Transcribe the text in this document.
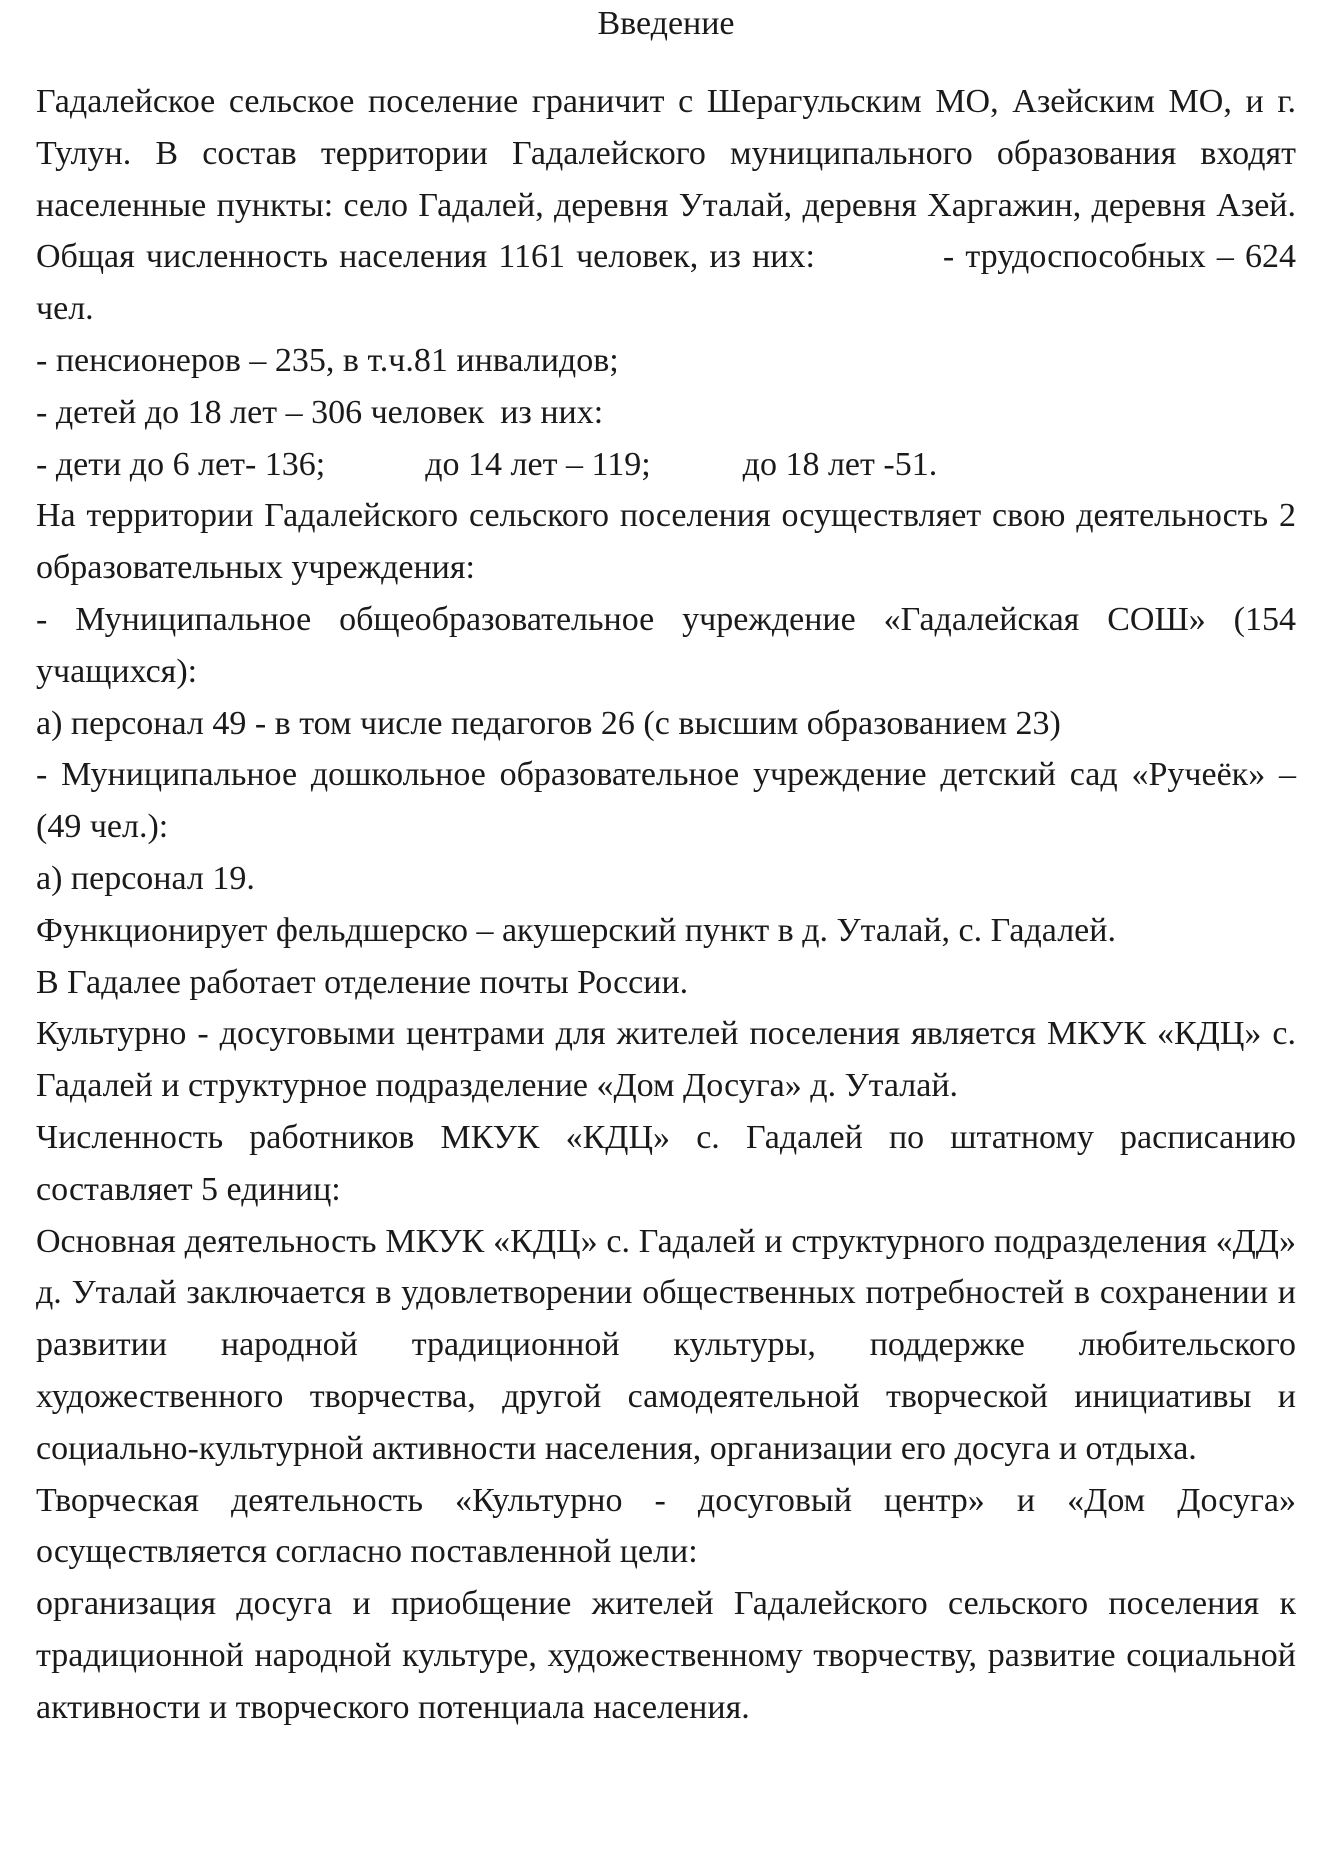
Введение

Гадалейское сельское поселение граничит с Шерагульским МО, Азейским МО, и г. Тулун. В состав территории Гадалейского муниципального образования входят населенные пункты: село Гадалей, деревня Уталай, деревня Харгажин, деревня Азей. Общая численность населения 1161 человек, из них:	- трудоспособных – 624 чел.

- пенсионеров – 235, в т.ч.81 инвалидов;

- детей до 18 лет – 306 человек из них:

- дети до 6 лет- 136;	до 14 лет – 119;	до 18 лет -51.

На территории Гадалейского сельского поселения осуществляет свою деятельность 2 образовательных учреждения:

- Муниципальное общеобразовательное учреждение «Гадалейская СОШ» (154 учащихся):

а) персонал 49 - в том числе педагогов 26 (с высшим образованием 23)

- Муниципальное дошкольное образовательное учреждение детский сад «Ручеёк» – (49 чел.):

а) персонал 19.

Функционирует фельдшерско – акушерский пункт в д. Уталай, с. Гадалей.

В Гадалее работает отделение почты России.

Культурно - досуговыми центрами для жителей поселения является МКУК «КДЦ» с. Гадалей и структурное подразделение «Дом Досуга» д. Уталай.

Численность работников МКУК «КДЦ» с. Гадалей по штатному расписанию составляет 5 единиц:

Основная деятельность МКУК «КДЦ» с. Гадалей и структурного подразделения «ДД» д. Уталай заключается в удовлетворении общественных потребностей в сохранении и развитии народной традиционной культуры, поддержке любительского художественного творчества, другой самодеятельной творческой инициативы и социально-культурной активности населения, организации его досуга и отдыха.

Творческая деятельность «Культурно - досуговый центр» и «Дом Досуга» осуществляется согласно поставленной цели:

организация досуга и приобщение жителей Гадалейского сельского поселения к традиционной народной культуре, художественному творчеству, развитие социальной активности и творческого потенциала населения.
